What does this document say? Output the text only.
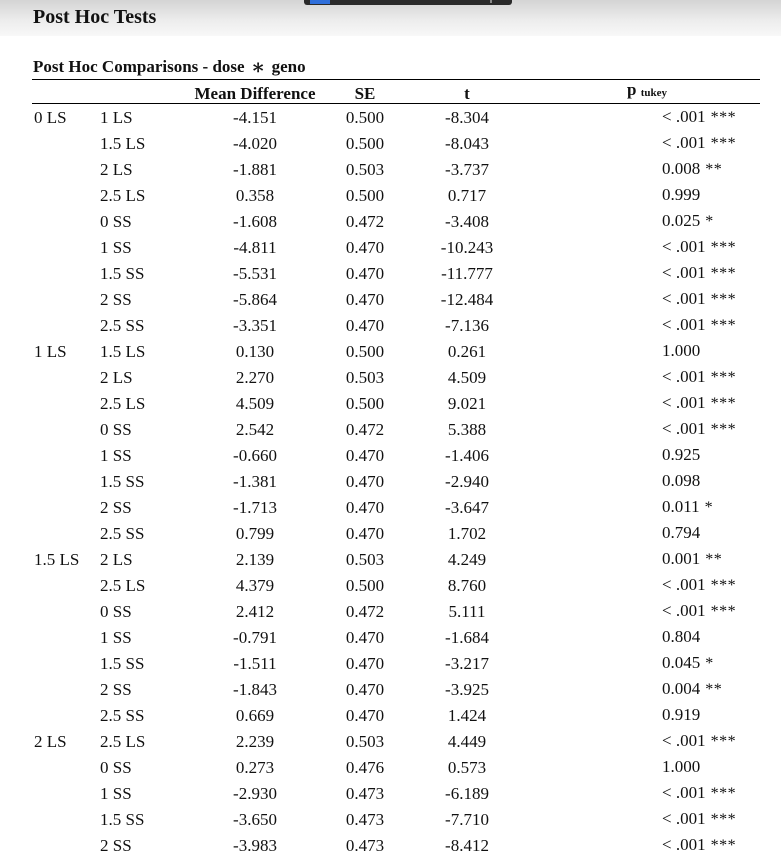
Post Hoc Tests
Post Hoc Comparisons - dose ∗ geno
		Mean Difference	SE	t	p $_{tukey}$
0 LS	1 LS	-4.151	0.500	-8.304	< .001 ***
	1.5 LS	-4.020	0.500	-8.043	< .001 ***
	2 LS	-1.881	0.503	-3.737	0.008 **
	2.5 LS	0.358	0.500	0.717	0.999
	0 SS	-1.608	0.472	-3.408	0.025 *
	1 SS	-4.811	0.470	-10.243	< .001 ***
	1.5 SS	-5.531	0.470	-11.777	< .001 ***
	2 SS	-5.864	0.470	-12.484	< .001 ***
	2.5 SS	-3.351	0.470	-7.136	< .001 ***
1 LS	1.5 LS	0.130	0.500	0.261	1.000
	2 LS	2.270	0.503	4.509	< .001 ***
	2.5 LS	4.509	0.500	9.021	< .001 ***
	0 SS	2.542	0.472	5.388	< .001 ***
	1 SS	-0.660	0.470	-1.406	0.925
	1.5 SS	-1.381	0.470	-2.940	0.098
	2 SS	-1.713	0.470	-3.647	0.011 *
	2.5 SS	0.799	0.470	1.702	0.794
1.5 LS	2 LS	2.139	0.503	4.249	0.001 **
	2.5 LS	4.379	0.500	8.760	< .001 ***
	0 SS	2.412	0.472	5.111	< .001 ***
	1 SS	-0.791	0.470	-1.684	0.804
	1.5 SS	-1.511	0.470	-3.217	0.045 *
	2 SS	-1.843	0.470	-3.925	0.004 **
	2.5 SS	0.669	0.470	1.424	0.919
2 LS	2.5 LS	2.239	0.503	4.449	< .001 ***
	0 SS	0.273	0.476	0.573	1.000
	1 SS	-2.930	0.473	-6.189	< .001 ***
	1.5 SS	-3.650	0.473	-7.710	< .001 ***
	2 SS	-3.983	0.473	-8.412	< .001 ***
